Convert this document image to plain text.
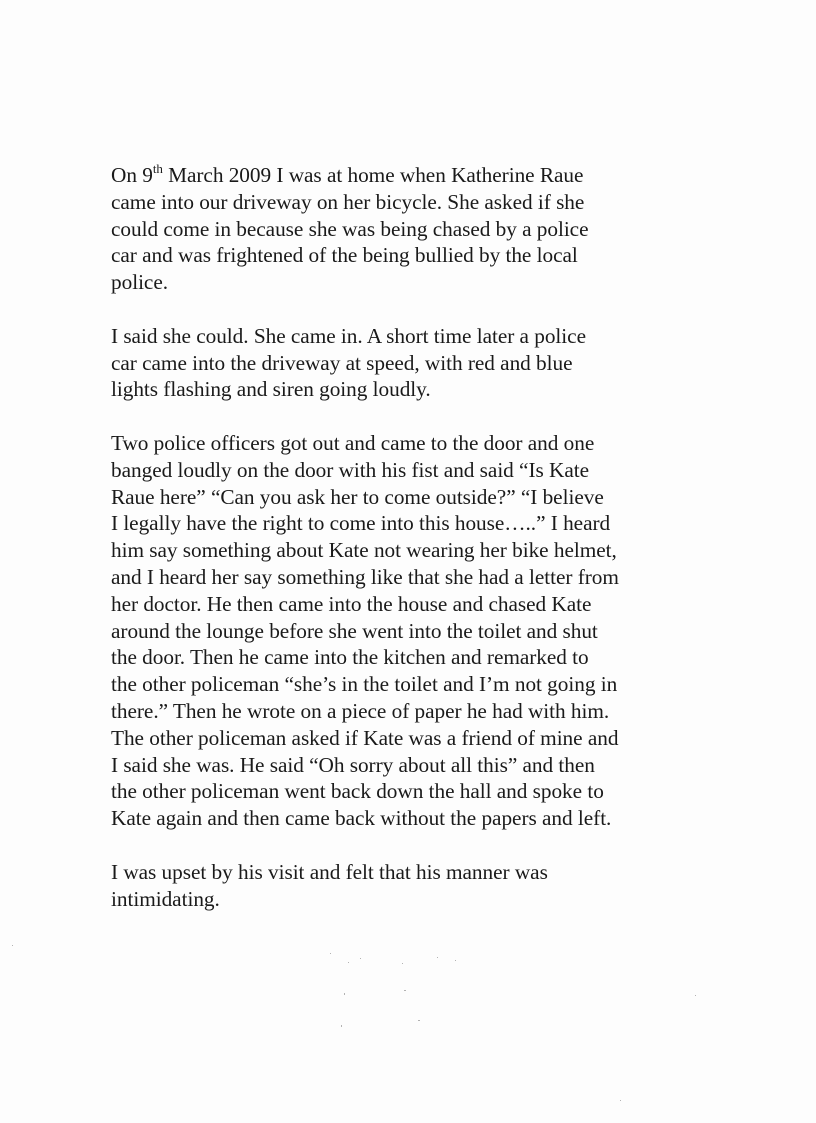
On 9th March 2009 I was at home when Katherine Raue
came into our driveway on her bicycle. She asked if she
could come in because she was being chased by a police
car and was frightened of the being bullied by the local
police.

I said she could. She came in. A short time later a police
car came into the driveway at speed, with red and blue
lights flashing and siren going loudly.

Two police officers got out and came to the door and one
banged loudly on the door with his fist and said “Is Kate
Raue here” “Can you ask her to come outside?” “I believe
I legally have the right to come into this house…..” I heard
him say something about Kate not wearing her bike helmet,
and I heard her say something like that she had a letter from
her doctor. He then came into the house and chased Kate
around the lounge before she went into the toilet and shut
the door. Then he came into the kitchen and remarked to
the other policeman “she’s in the toilet and I’m not going in
there.” Then he wrote on a piece of paper he had with him.
The other policeman asked if Kate was a friend of mine and
I said she was. He said “Oh sorry about all this” and then
the other policeman went back down the hall and spoke to
Kate again and then came back without the papers and left.

I was upset by his visit and felt that his manner was
intimidating.
